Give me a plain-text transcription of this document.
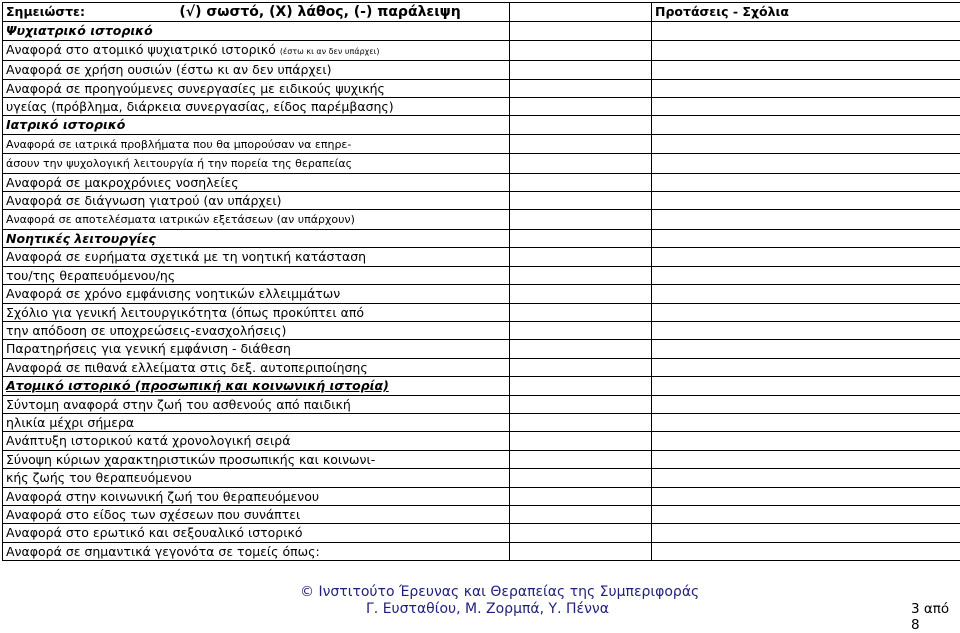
Σημειώστε: (√) σωστό, (Χ) λάθος, (-) παράλειψη		Προτάσεις - Σχόλια
Ψυχιατρικό ιστορικό		
Αναφορά στο ατομικό ψυχιατρικό ιστορικό (έστω κι αν δεν υπάρχει)		
Αναφορά σε χρήση ουσιών (έστω κι αν δεν υπάρχει)		
Αναφορά σε προηγούμενες συνεργασίες με ειδικούς ψυχικής		
υγείας (πρόβλημα, διάρκεια συνεργασίας, είδος παρέμβασης)		
Ιατρικό ιστορικό		
Αναφορά σε ιατρικά προβλήματα που θα μπορούσαν να επηρε-		
άσουν την ψυχολογική λειτουργία ή την πορεία της θεραπείας		
Αναφορά σε μακροχρόνιες νοσηλείες		
Αναφορά σε διάγνωση γιατρού (αν υπάρχει)		
Αναφορά σε αποτελέσματα ιατρικών εξετάσεων (αν υπάρχουν)		
Νοητικές λειτουργίες		
Αναφορά σε ευρήματα σχετικά με τη νοητική κατάσταση		
του/της θεραπευόμενου/ης		
Αναφορά σε χρόνο εμφάνισης νοητικών ελλειμμάτων		
Σχόλιο για γενική λειτουργικότητα (όπως προκύπτει από		
την απόδοση σε υποχρεώσεις-ενασχολήσεις)		
Παρατηρήσεις για γενική εμφάνιση - διάθεση		
Αναφορά σε πιθανά ελλείματα στις δεξ. αυτοπεριποίησης		
Ατομικό ιστορικό (προσωπική και κοινωνική ιστορία)		
Σύντομη αναφορά στην ζωή του ασθενούς από παιδική		
ηλικία μέχρι σήμερα		
Ανάπτυξη ιστορικού κατά χρονολογική σειρά		
Σύνοψη κύριων χαρακτηριστικών προσωπικής και κοινωνι-		
κής ζωής του θεραπευόμενου		
Αναφορά στην κοινωνική ζωή του θεραπευόμενου		
Αναφορά στο είδος των σχέσεων που συνάπτει		
Αναφορά στο ερωτικό και σεξουαλικό ιστορικό		
Αναφορά σε σημαντικά γεγονότα σε τομείς όπως:		
© Ινστιτούτο Έρευνας και Θεραπείας της Συμπεριφοράς
Γ. Ευσταθίου, Μ. Ζορμπά, Υ. Πέννα	3 από 8
